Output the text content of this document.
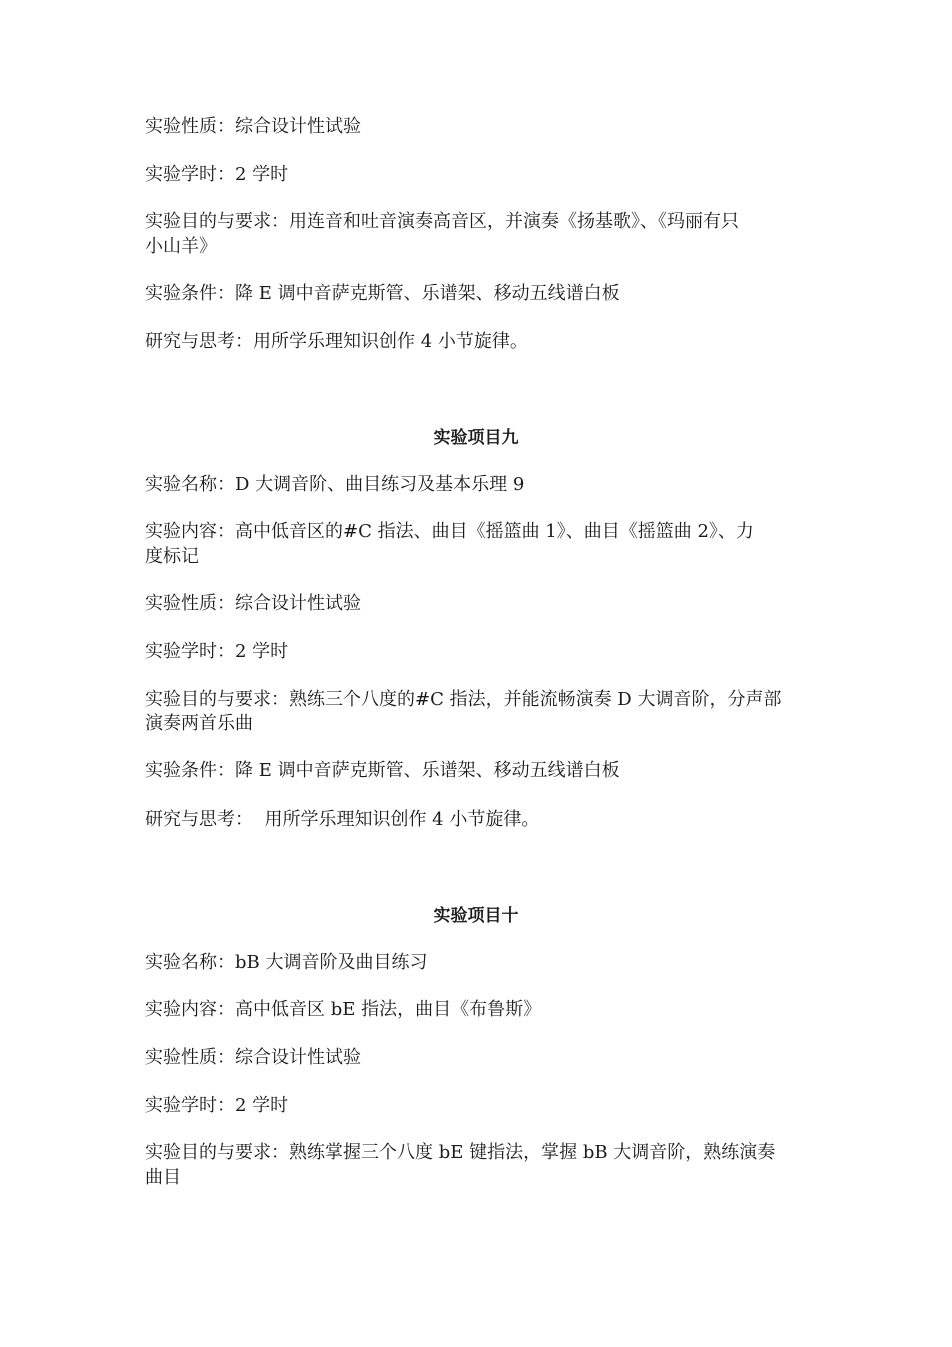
实验性质：综合设计性试验
实验学时：2 学时
实验目的与要求：用连音和吐音演奏高音区，并演奏《扬基歌》、《玛丽有只
小山羊》
实验条件：降 E 调中音萨克斯管、乐谱架、移动五线谱白板
研究与思考：用所学乐理知识创作 4 小节旋律。
实验项目九
实验名称：D 大调音阶、曲目练习及基本乐理 9
实验内容：高中低音区的#C 指法、曲目《摇篮曲 1》、曲目《摇篮曲 2》、力
度标记
实验性质：综合设计性试验
实验学时：2 学时
实验目的与要求：熟练三个八度的#C 指法，并能流畅演奏 D 大调音阶，分声部
演奏两首乐曲
实验条件：降 E 调中音萨克斯管、乐谱架、移动五线谱白板
研究与思考：  用所学乐理知识创作 4 小节旋律。
实验项目十
实验名称：bB 大调音阶及曲目练习
实验内容：高中低音区 bE 指法，曲目《布鲁斯》
实验性质：综合设计性试验
实验学时：2 学时
实验目的与要求：熟练掌握三个八度 bE 键指法，掌握 bB 大调音阶，熟练演奏
曲目
